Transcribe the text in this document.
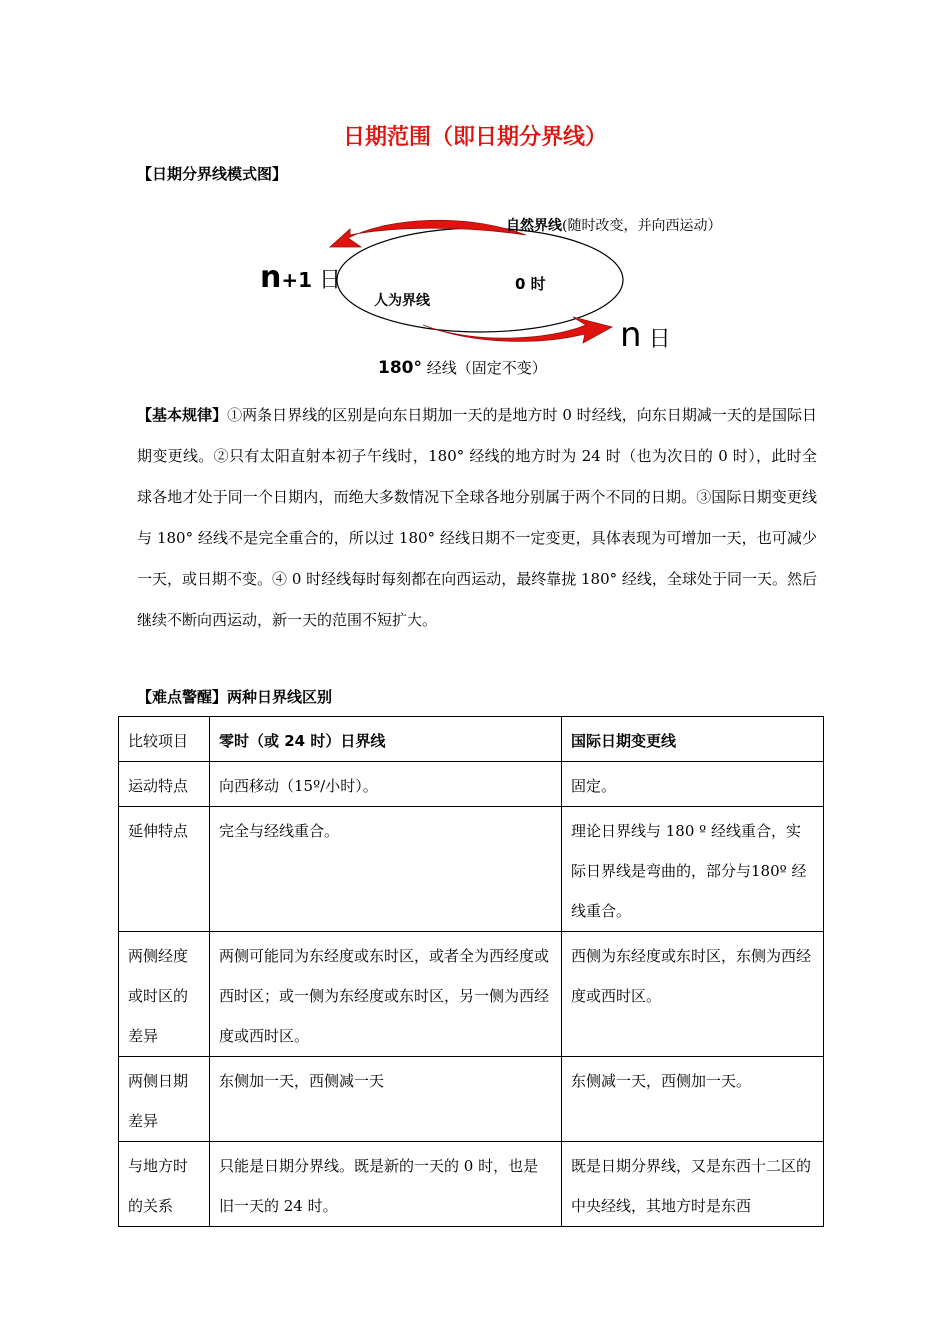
日期范围（即日期分界线）
【日期分界线模式图】
自然界线(随时改变，并向西运动）
n+1 日	0 时
人为界线
n 日
180° 经线（固定不变）
【基本规律】①两条日界线的区别是向东日期加一天的是地方时 0 时经线，向东日期减一天的是国际日期变更线。②只有太阳直射本初子午线时，180° 经线的地方时为 24 时（也为次日的 0 时），此时全球各地才处于同一个日期内，而绝大多数情况下全球各地分别属于两个不同的日期。③国际日期变更线与 180° 经线不是完全重合的，所以过 180° 经线日期不一定变更，具体表现为可增加一天，也可减少一天，或日期不变。④ 0 时经线每时每刻都在向西运动，最终靠拢 180° 经线，全球处于同一天。然后继续不断向西运动，新一天的范围不短扩大。
【难点警醒】两种日界线区别
比较项目	零时（或 24 时）日界线	国际日期变更线
运动特点	向西移动（15º/小时）。	固定。
延伸特点	完全与经线重合。	理论日界线与 180 º 经线重合，实际日界线是弯曲的，部分与180º 经线重合。
两侧经度或时区的差异	两侧可能同为东经度或东时区，或者全为西经度或西时区；或一侧为东经度或东时区，另一侧为西经度或西时区。	西侧为东经度或东时区，东侧为西经度或西时区。
两侧日期差异	东侧加一天，西侧减一天	东侧减一天，西侧加一天。
与地方时的关系	只能是日期分界线。既是新的一天的 0 时，也是旧一天的 24 时。	既是日期分界线，又是东西十二区的中央经线，其地方时是东西
